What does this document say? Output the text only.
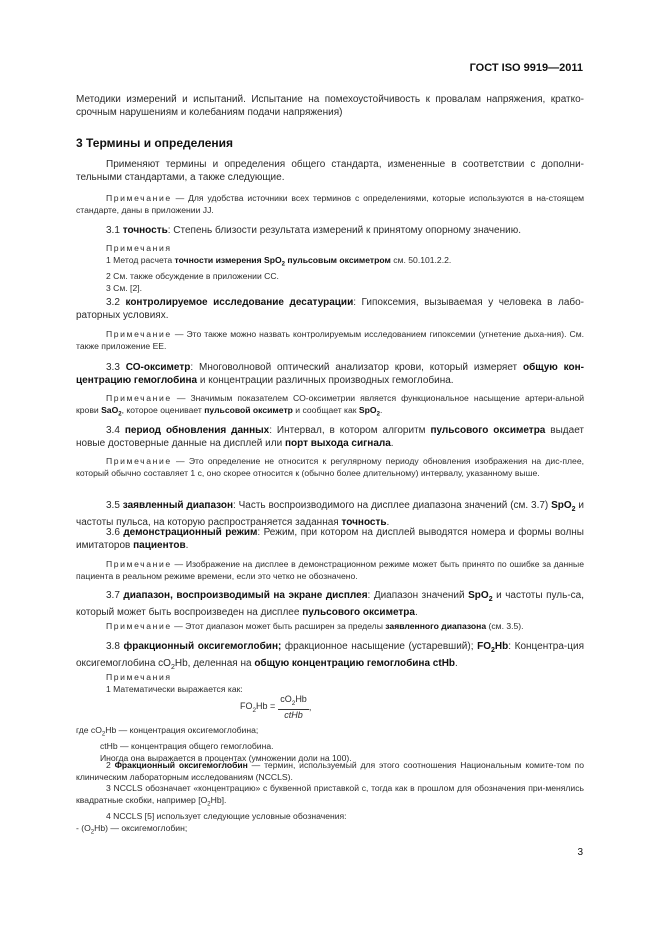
ГОСТ ISO 9919—2011
Методики измерений и испытаний. Испытание на помехоустойчивость к провалам напряжения, кратко-срочным нарушениям и колебаниям подачи напряжения)
3 Термины и определения
Применяют термины и определения общего стандарта, измененные в соответствии с дополни-тельными стандартами, а также следующие.
Примечание — Для удобства источники всех терминов с определениями, которые используются в на-стоящем стандарте, даны в приложении JJ.
3.1 точность: Степень близости результата измерений к принятому опорному значению.
Примечания
1 Метод расчета точности измерения SpO$_2$ пульсовым оксиметром см. 50.101.2.2.
2 См. также обсуждение в приложении СС.
3 См. [2].
3.2 контролируемое исследование десатурации: Гипоксемия, вызываемая у человека в лабо-раторных условиях.
Примечание — Это также можно назвать контролируемым исследованием гипоксемии (угнетение дыха-ния). См. также приложение ЕЕ.
3.3 СО-оксиметр: Многоволновой оптический анализатор крови, который измеряет общую кон-центрацию гемоглобина и концентрации различных производных гемоглобина.
Примечание — Значимым показателем СО-оксиметрии является функциональное насыщение артери-альной крови SaO$_2$, которое оценивает пульсовой оксиметр и сообщает как SpO$_2$.
3.4 период обновления данных: Интервал, в котором алгоритм пульсового оксиметра выдает новые достоверные данные на дисплей или порт выхода сигнала.
Примечание — Это определение не относится к регулярному периоду обновления изображения на дис-плее, который обычно составляет 1 с, оно скорее относится к (обычно более длительному) интервалу, указанному выше.
3.5 заявленный диапазон: Часть воспроизводимого на дисплее диапазона значений (см. 3.7) SpO$_2$ и частоты пульса, на которую распространяется заданная точность.
3.6 демонстрационный режим: Режим, при котором на дисплей выводятся номера и формы волны имитаторов пациентов.
Примечание — Изображение на дисплее в демонстрационном режиме может быть принято по ошибке за данные пациента в реальном режиме времени, если это четко не обозначено.
3.7 диапазон, воспроизводимый на экране дисплея: Диапазон значений SpO$_2$ и частоты пуль-са, который может быть воспроизведен на дисплее пульсового оксиметра.
Примечание — Этот диапазон может быть расширен за пределы заявленного диапазона (см. 3.5).
3.8 фракционный оксигемоглобин; фракционное насыщение (устаревший); $FO_2Hb$: Концентра-ция оксигемоглобина $cO_2Hb$, деленная на общую концентрацию гемоглобина ctHb.
Примечания
1 Математически выражается как:
$FO_2Hb = \frac{cO_2Hb}{\text{ctHb}}$ ,
где $cO_2Hb$ — концентрация оксигемоглобина;
ctHb — концентрация общего гемоглобина.
Иногда она выражается в процентах (умножении доли на 100).
2 Фракционный оксигемоглобин — термин, используемый для этого соотношения Национальным комите-том по клиническим лабораторным исследованиям (NCCLS).
3 NCCLS обозначает «концентрацию» с буквенной приставкой с, тогда как в прошлом для обозначения при-менялись квадратные скобки, например $[O_2Hb]$.
4 NCCLS [5] использует следующие условные обозначения:
- $(O_2Hb)$ — оксигемоглобин;
3
